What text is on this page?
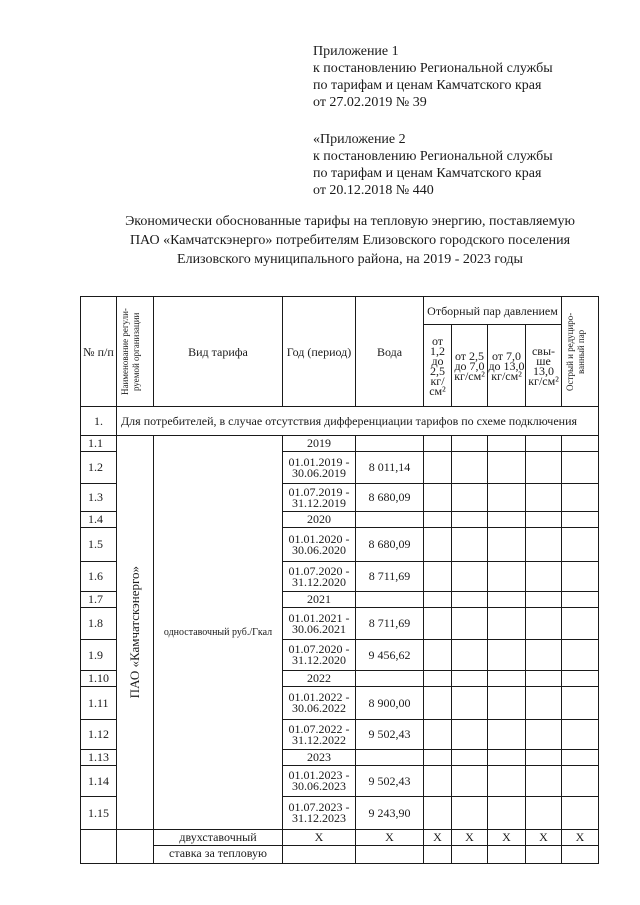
Приложение 1
к постановлению Региональной службы
по тарифам и ценам Камчатского края
от 27.02.2019 № 39
«Приложение 2
к постановлению Региональной службы
по тарифам и ценам Камчатского края
от 20.12.2018 № 440
Экономически обоснованные тарифы на тепловую энергию, поставляемую
ПАО «Камчатскэнерго» потребителям Елизовского городского поселения
Елизовского муниципального района, на 2019 - 2023 годы
№ п/п	Наименование регули-руемой организации	Вид тарифа	Год (период)	Вода	Отборный пар давлением				Острый и редуциро-ванный пар

					от 1,2 до 2,5 кг/см²	от 2,5 до 7,0 кг/см²	от 7,0 до 13,0 кг/см²	свы-ше 13,0 кг/см²	
1.	Для потребителей, в случае отсутствия дифференциации тарифов по схеме подключения								
1.1	ПАО «Камчатскэнерго»	одноставочный руб./Гкал	2019						
1.2			01.01.2019 - 30.06.2019	8 011,14					
1.3			01.07.2019 - 31.12.2019	8 680,09					
1.4			2020						
1.5			01.01.2020 - 30.06.2020	8 680,09					
1.6			01.07.2020 - 31.12.2020	8 711,69					
1.7			2021						
1.8			01.01.2021 - 30.06.2021	8 711,69					
1.9			01.07.2020 - 31.12.2020	9 456,62					
1.10			2022						
1.11			01.01.2022 - 30.06.2022	8 900,00					
1.12			01.07.2022 - 31.12.2022	9 502,43					
1.13			2023						
1.14			01.01.2023 - 30.06.2023	9 502,43					
1.15			01.07.2023 - 31.12.2023	9 243,90					
		двухставочный	Х	Х	Х	Х	Х	Х	Х
		ставка за тепловую							
